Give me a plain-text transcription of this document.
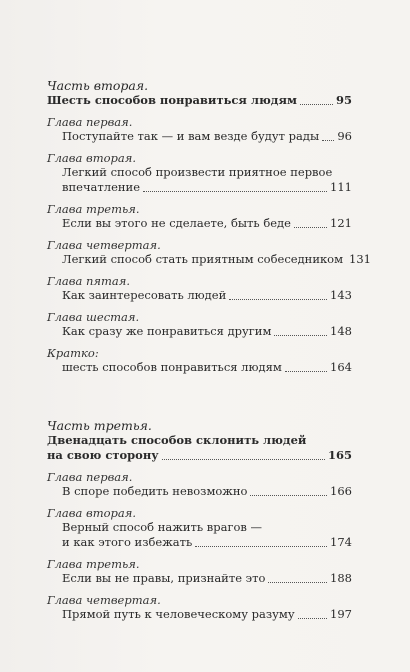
Часть вторая.
Шесть способов понравиться людям	95
Глава первая.
Поступайте так — и вам везде будут рады 96
Глава вторая.
Легкий способ произвести приятное первое
впечатление	111
Глава третья.
Если вы этого не сделаете, быть беде	121
Глава четвертая.
Легкий способ стать приятным собеседником 131
Глава пятая.
Как заинтересовать людей	143
Глава шестая.
Как сразу же понравиться другим	148
Кратко:
шесть способов понравиться людям	164
Часть третья.
Двенадцать способов склонить людей
на свою сторону	165
Глава первая.
В споре победить невозможно	166
Глава вторая.
Верный способ нажить врагов —
и как этого избежать	174
Глава третья.
Если вы не правы, признайте это	188
Глава четвертая.
Прямой путь к человеческому разуму	197
